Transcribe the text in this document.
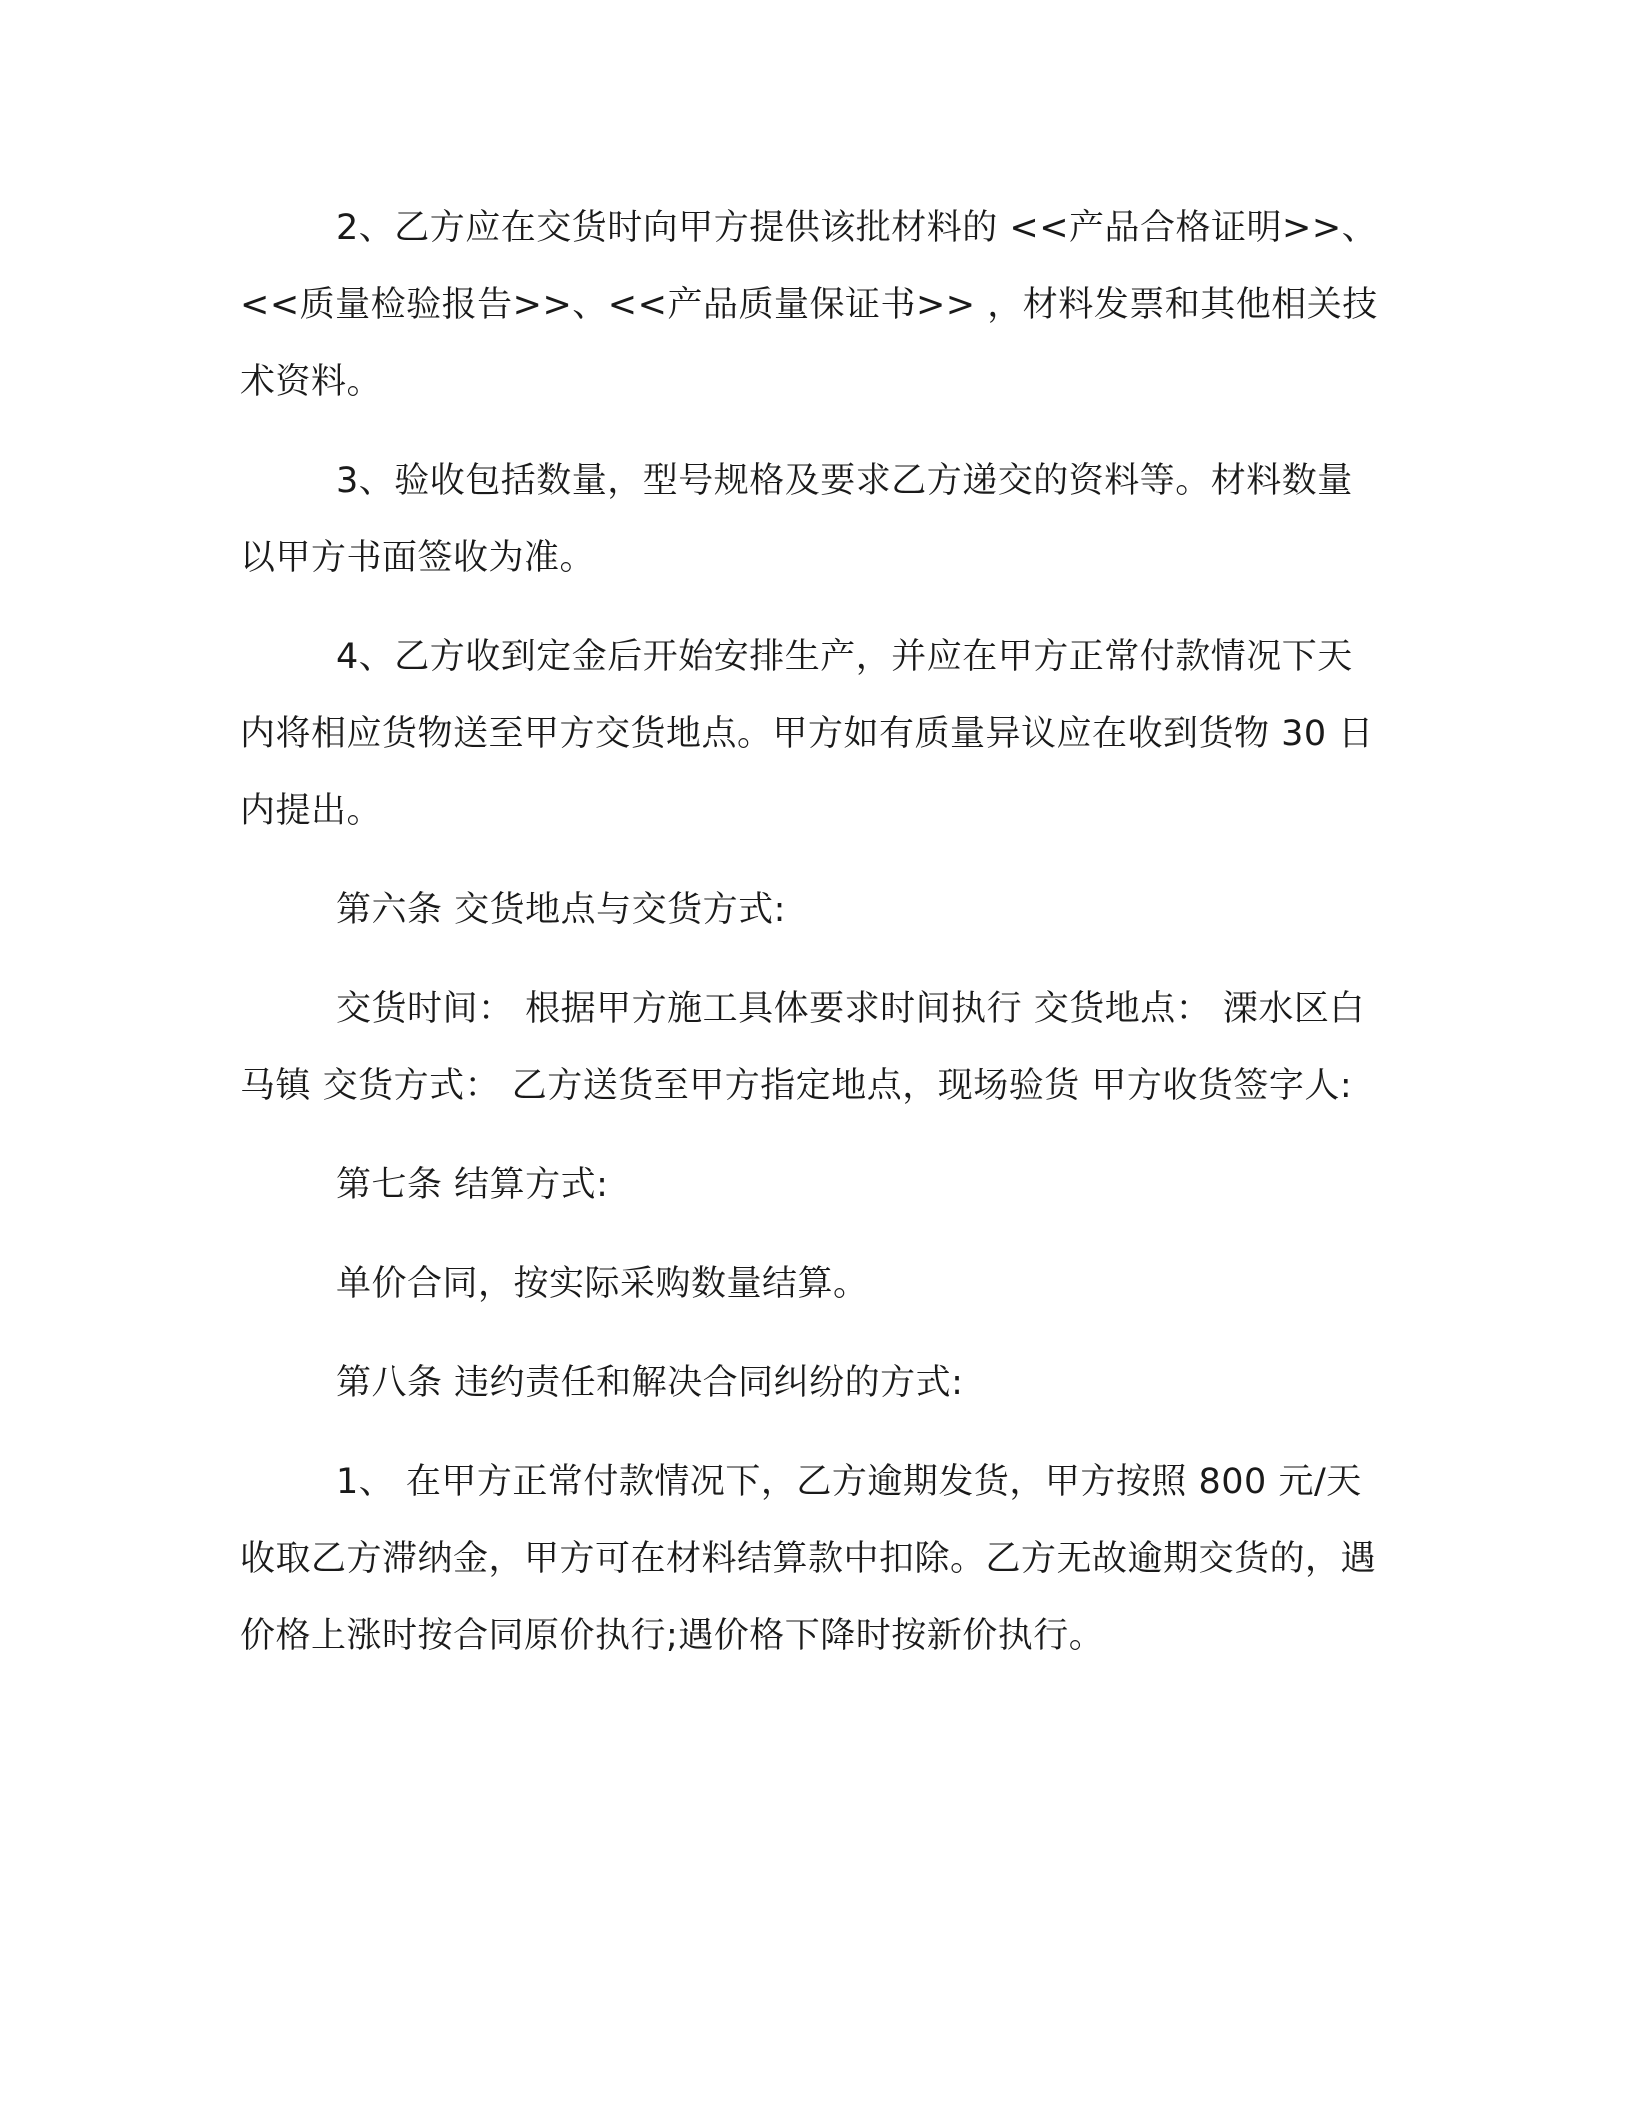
2、乙方应在交货时向甲方提供该批材料的 <<产品合格证明>>、<<质量检验报告>>、<<产品质量保证书>> ，材料发票和其他相关技术资料。

3、验收包括数量，型号规格及要求乙方递交的资料等。材料数量以甲方书面签收为准。

4、乙方收到定金后开始安排生产，并应在甲方正常付款情况下天内将相应货物送至甲方交货地点。甲方如有质量异议应在收到货物 30 日内提出。

第六条 交货地点与交货方式:

交货时间： 根据甲方施工具体要求时间执行 交货地点： 溧水区白马镇 交货方式： 乙方送货至甲方指定地点，现场验货 甲方收货签字人:

第七条 结算方式:

单价合同，按实际采购数量结算。

第八条 违约责任和解决合同纠纷的方式:

1、 在甲方正常付款情况下，乙方逾期发货，甲方按照 800 元/天收取乙方滞纳金，甲方可在材料结算款中扣除。乙方无故逾期交货的，遇价格上涨时按合同原价执行;遇价格下降时按新价执行。
